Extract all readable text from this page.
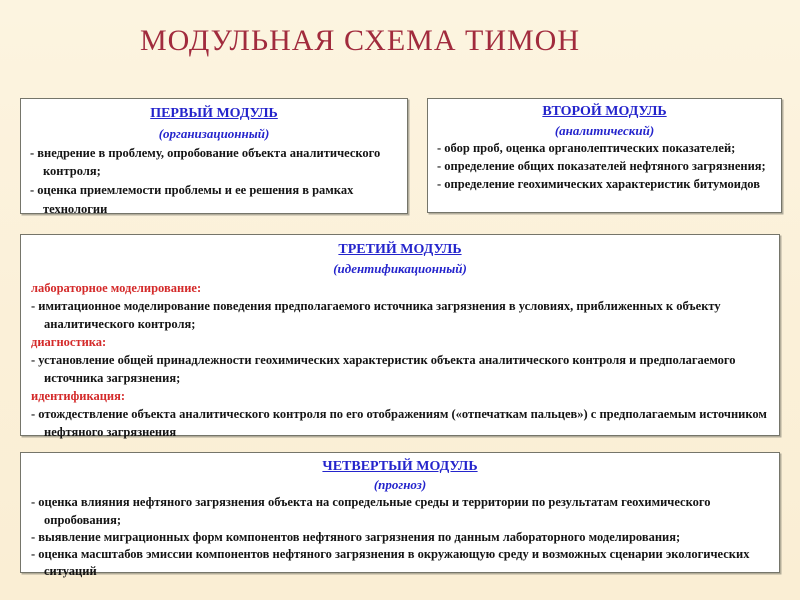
МОДУЛЬНАЯ СХЕМА ТИМОН
ПЕРВЫЙ МОДУЛЬ
(организационный)
- внедрение в проблему, опробование объекта аналитического контроля;
- оценка приемлемости проблемы и ее решения в рамках технологии
ВТОРОЙ МОДУЛЬ
(аналитический)
- обор проб, оценка органолептических показателей;
- определение общих показателей нефтяного загрязнения;
- определение геохимических характеристик битумоидов
ТРЕТИЙ МОДУЛЬ
(идентификационный)
лабораторное моделирование:
- имитационное моделирование поведения предполагаемого источника загрязнения в условиях, приближенных к объекту аналитического контроля;
диагностика:
- установление общей принадлежности геохимических характеристик объекта аналитического контроля и предполагаемого источника загрязнения;
идентификация:
- отождествление объекта аналитического контроля по его отображениям («отпечаткам пальцев») с предполагаемым источником нефтяного загрязнения
ЧЕТВЕРТЫЙ МОДУЛЬ
(прогноз)
- оценка влияния нефтяного загрязнения объекта на сопредельные среды и территории по результатам геохимического опробования;
- выявление миграционных форм компонентов нефтяного загрязнения по данным лабораторного моделирования;
- оценка масштабов эмиссии компонентов нефтяного загрязнения в окружающую среду и возможных сценарии экологических ситуаций
